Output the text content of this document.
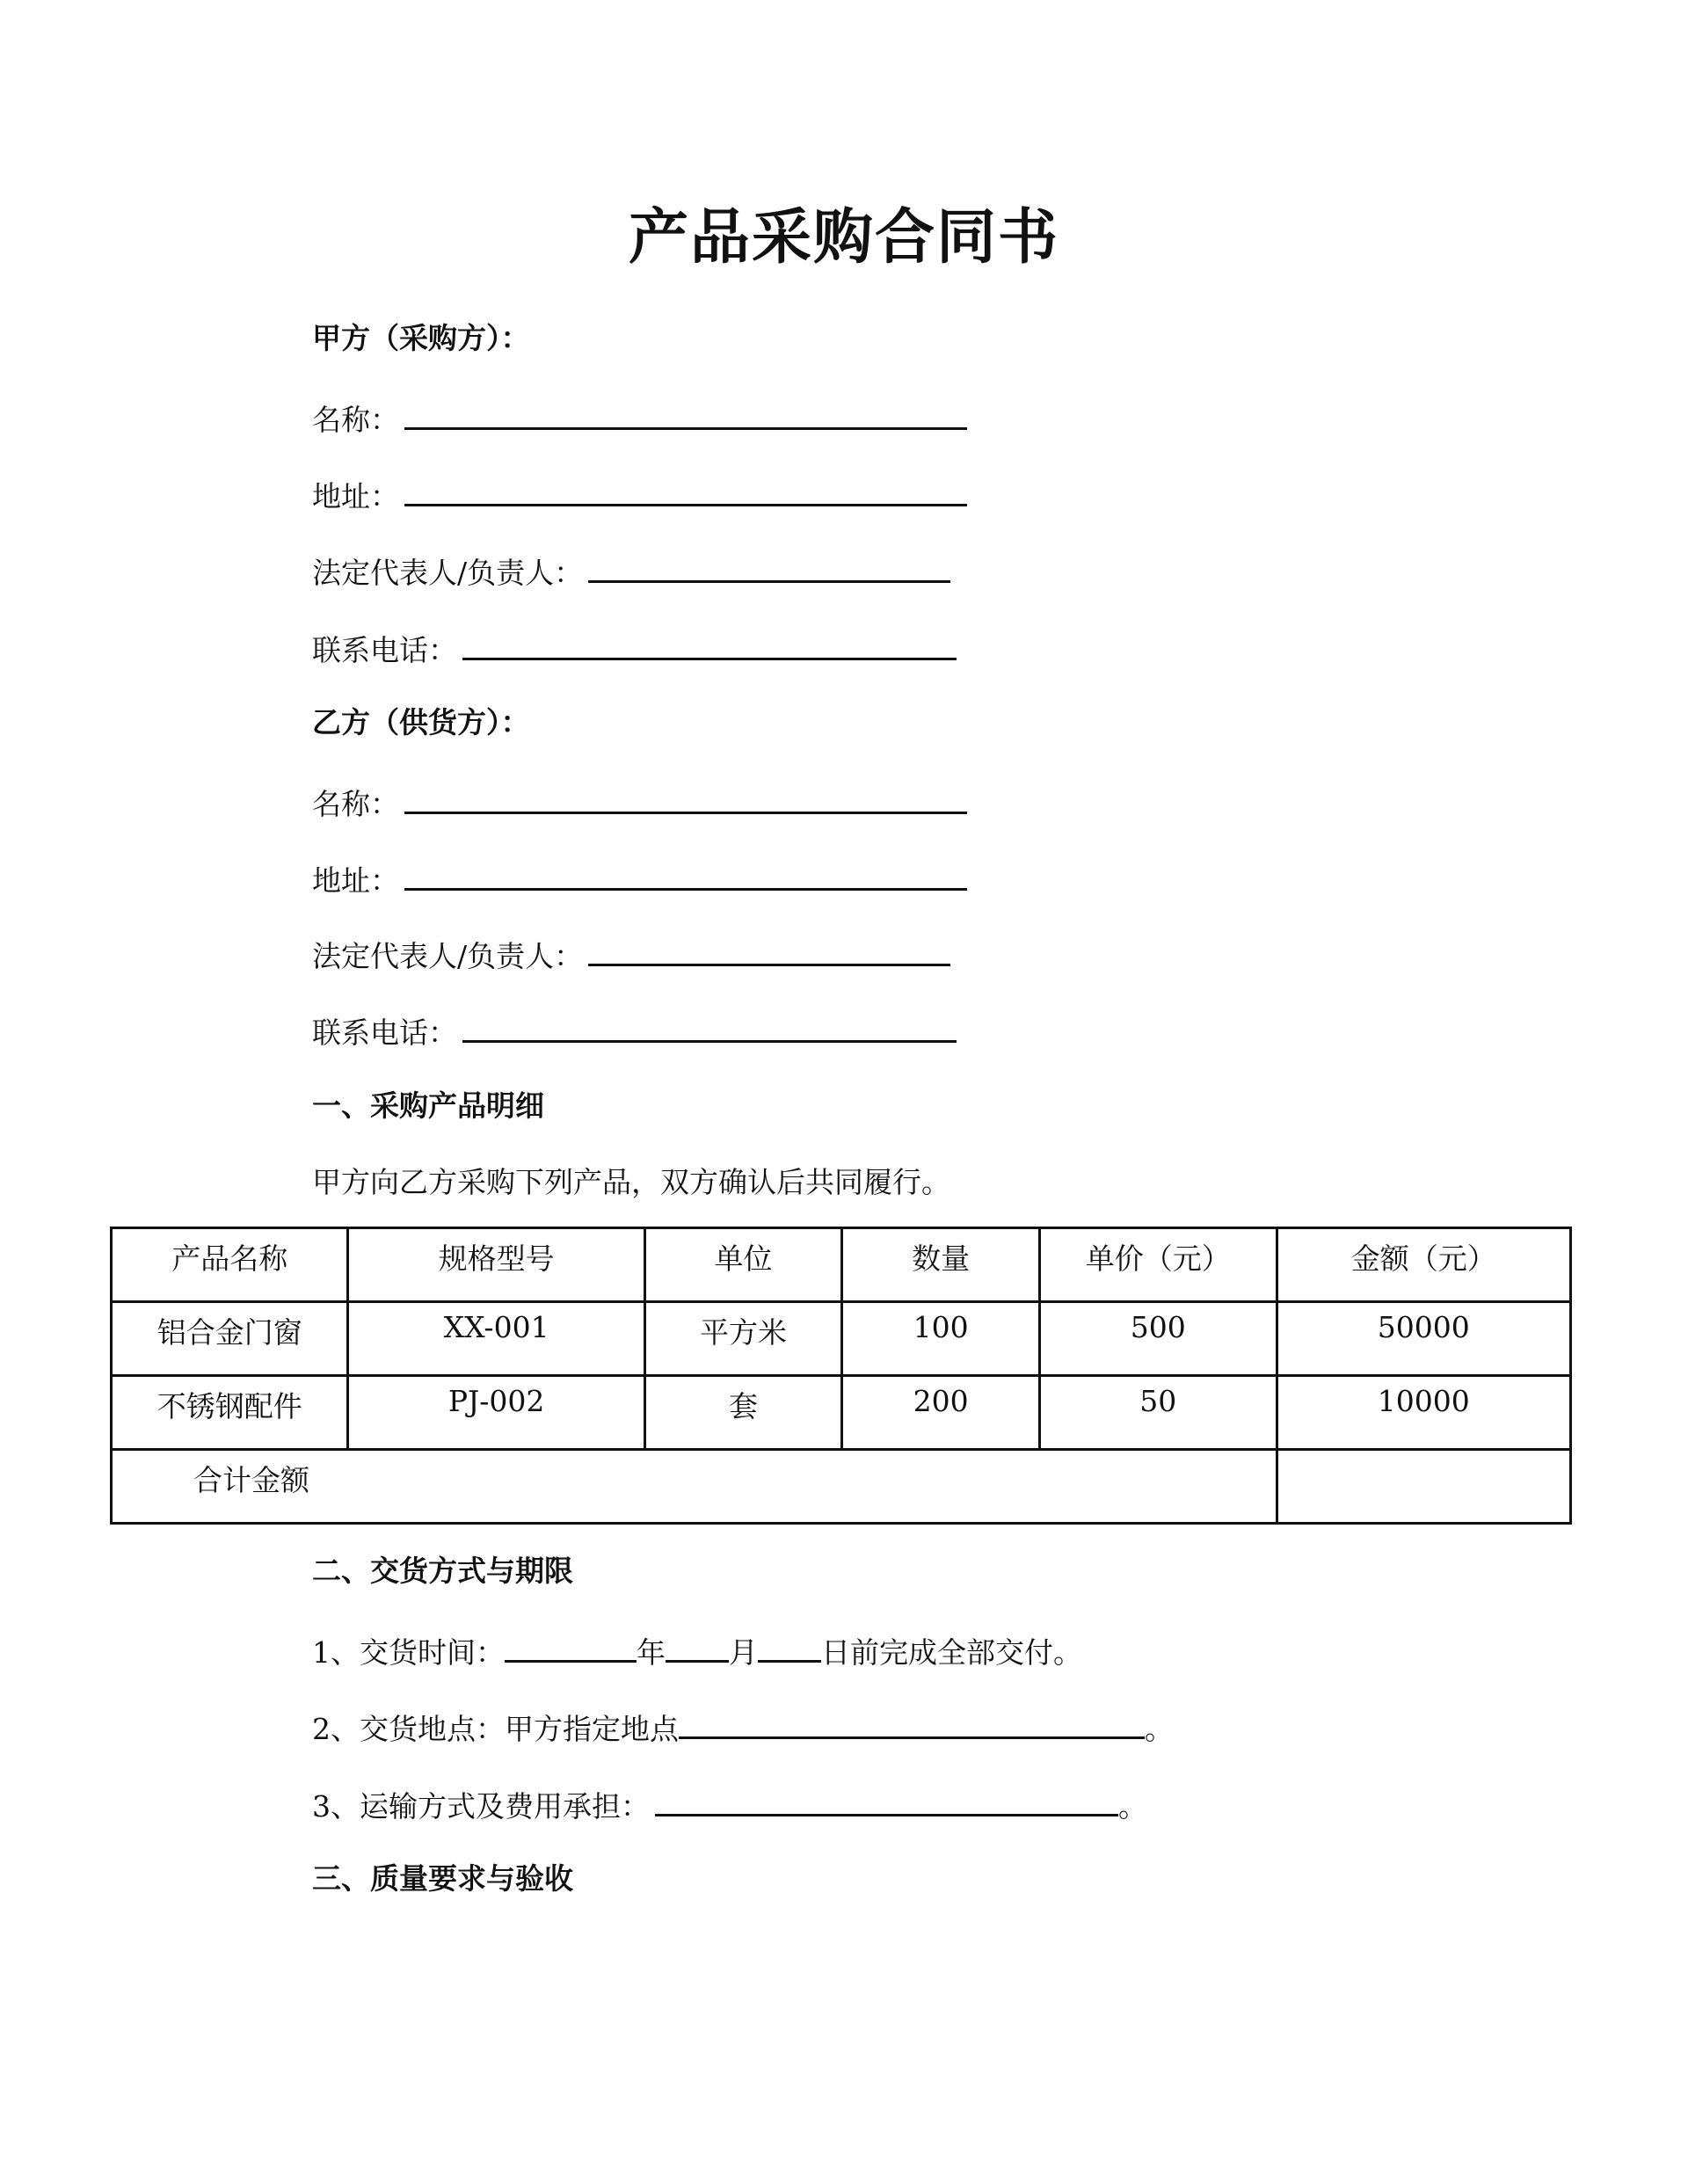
产品采购合同书
甲方（采购方）：
名称：
地址：
法定代表人/负责人：
联系电话：
乙方（供货方）：
名称：
地址：
法定代表人/负责人：
联系电话：
一、采购产品明细
甲方向乙方采购下列产品，双方确认后共同履行。
产品名称	规格型号	单位	数量	单价（元）	金额（元）
铝合金门窗	XX-001	平方米	100	500	50000
不锈钢配件	PJ-002	套	200	50	10000
合计金额					
二、交货方式与期限
1、交货时间：	年 月 日前完成全部交付。
2、交货地点：甲方指定地点	。
3、运输方式及费用承担：	。
三、质量要求与验收
